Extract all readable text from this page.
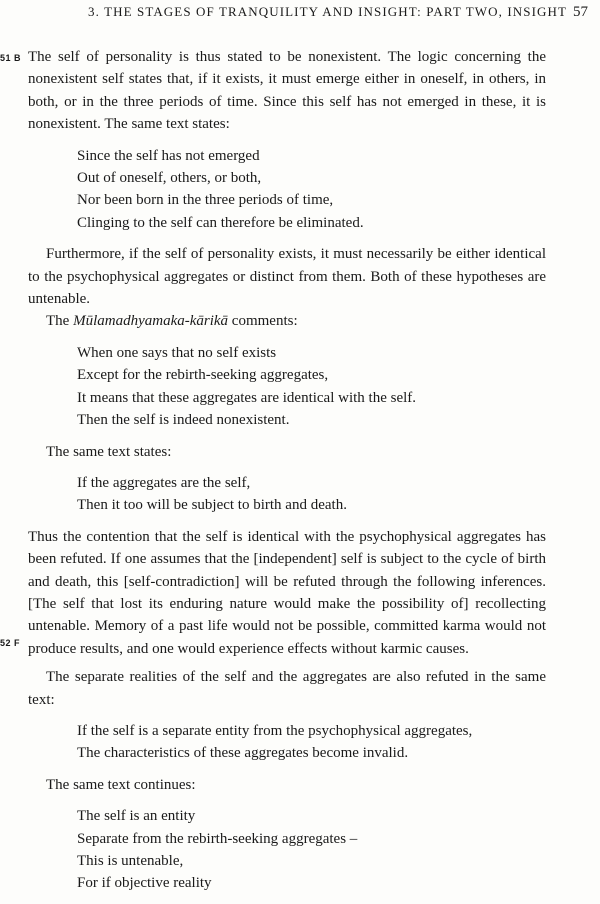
3. THE STAGES OF TRANQUILITY AND INSIGHT: PART TWO, INSIGHT 57
51 B
52 F

The self of personality is thus stated to be nonexistent. The logic concerning the nonexistent self states that, if it exists, it must emerge either in oneself, in others, in both, or in the three periods of time. Since this self has not emerged in these, it is nonexistent. The same text states:

Since the self has not emerged
Out of oneself, others, or both,
Nor been born in the three periods of time,
Clinging to the self can therefore be eliminated.

Furthermore, if the self of personality exists, it must necessarily be either identical to the psychophysical aggregates or distinct from them. Both of these hypotheses are untenable.

The Mūlamadhyamaka-kārikā comments:

When one says that no self exists
Except for the rebirth-seeking aggregates,
It means that these aggregates are identical with the self.
Then the self is indeed nonexistent.

The same text states:

If the aggregates are the self,
Then it too will be subject to birth and death.

Thus the contention that the self is identical with the psychophysical aggregates has been refuted. If one assumes that the [independent] self is subject to the cycle of birth and death, this [self-contradiction] will be refuted through the following inferences. [The self that lost its enduring nature would make the possibility of] recollecting untenable. Memory of a past life would not be possible, committed karma would not produce results, and one would experience effects without karmic causes.

The separate realities of the self and the aggregates are also refuted in the same text:

If the self is a separate entity from the psychophysical aggregates,
The characteristics of these aggregates become invalid.

The same text continues:

The self is an entity
Separate from the rebirth-seeking aggregates –
This is untenable,
For if objective reality
